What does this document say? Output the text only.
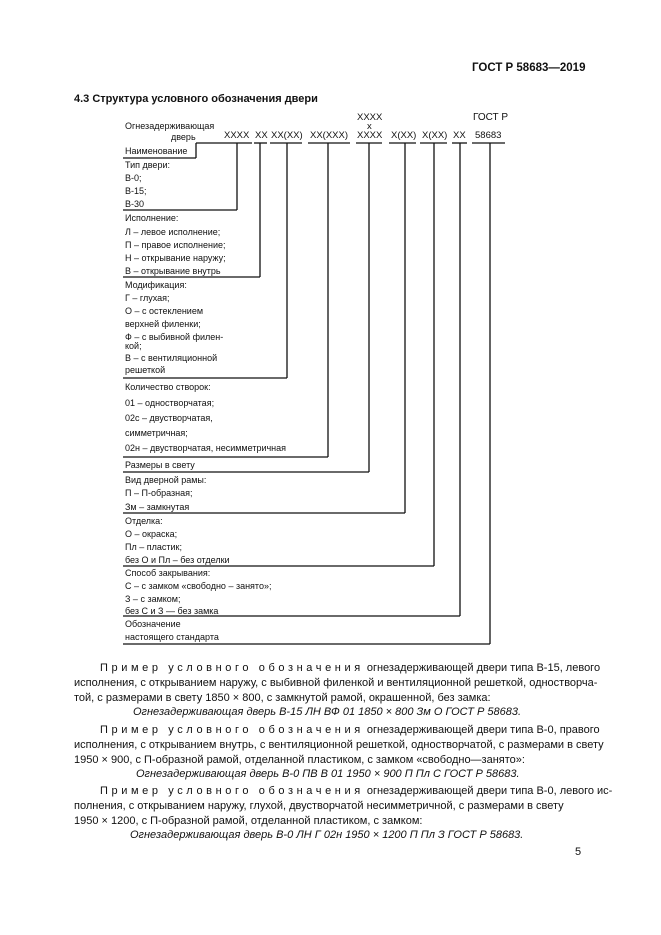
ГОСТ Р 58683—2019
4.3 Структура условного обозначения двери
Огнезадерживающая
дверь	XXXX XX XX(XX) XX(XXX)
XXXX
x
XXXX X(XX) X(XX) XX
ГОСТ Р
58683
Наименование
Тип двери:
В-0;
В-15;
В-30
Исполнение:
Л – левое исполнение;
П – правое исполнение;
Н – открывание наружу;
В – открывание внутрь
Модификация:
Г – глухая;
О – с остеклением
верхней филенки;
Ф – с выбивной филен-
кой;
В – с вентиляционной
решеткой
Количество створок:
01 – одностворчатая;
02с – двустворчатая,
симметричная;
02н – двустворчатая, несимметричная
Размеры в свету
Вид дверной рамы:
П – П-образная;
Зм – замкнутая
Отделка:
О – окраска;
Пл – пластик;
без О и Пл – без отделки
Способ закрывания:
С – с замком «свободно – занято»;
З – с замком;
без С и З — без замка
Обозначение
настоящего стандарта
Пример условного обозначения огнезадерживающей двери типа В-15, левого
исполнения, с открыванием наружу, с выбивной филенкой и вентиляционной решеткой, одностворча-
той, с размерами в свету 1850 × 800, с замкнутой рамой, окрашенной, без замка:
Огнезадерживающая дверь В-15 ЛН ВФ 01 1850 × 800 Зм О ГОСТ Р 58683.
Пример условного обозначения огнезадерживающей двери типа В-0, правого
исполнения, с открыванием внутрь, с вентиляционной решеткой, одностворчатой, с размерами в свету
1950 × 900, с П-образной рамой, отделанной пластиком, с замком «свободно—занято»:
Огнезадерживающая дверь В-0 ПВ В 01 1950 × 900 П Пл С ГОСТ Р 58683.
Пример условного обозначения огнезадерживающей двери типа В-0, левого ис-
полнения, с открыванием наружу, глухой, двустворчатой несимметричной, с размерами в свету
1950 × 1200, с П-образной рамой, отделанной пластиком, с замком:
Огнезадерживающая дверь В-0 ЛН Г 02н 1950 × 1200 П Пл З ГОСТ Р 58683.
5
